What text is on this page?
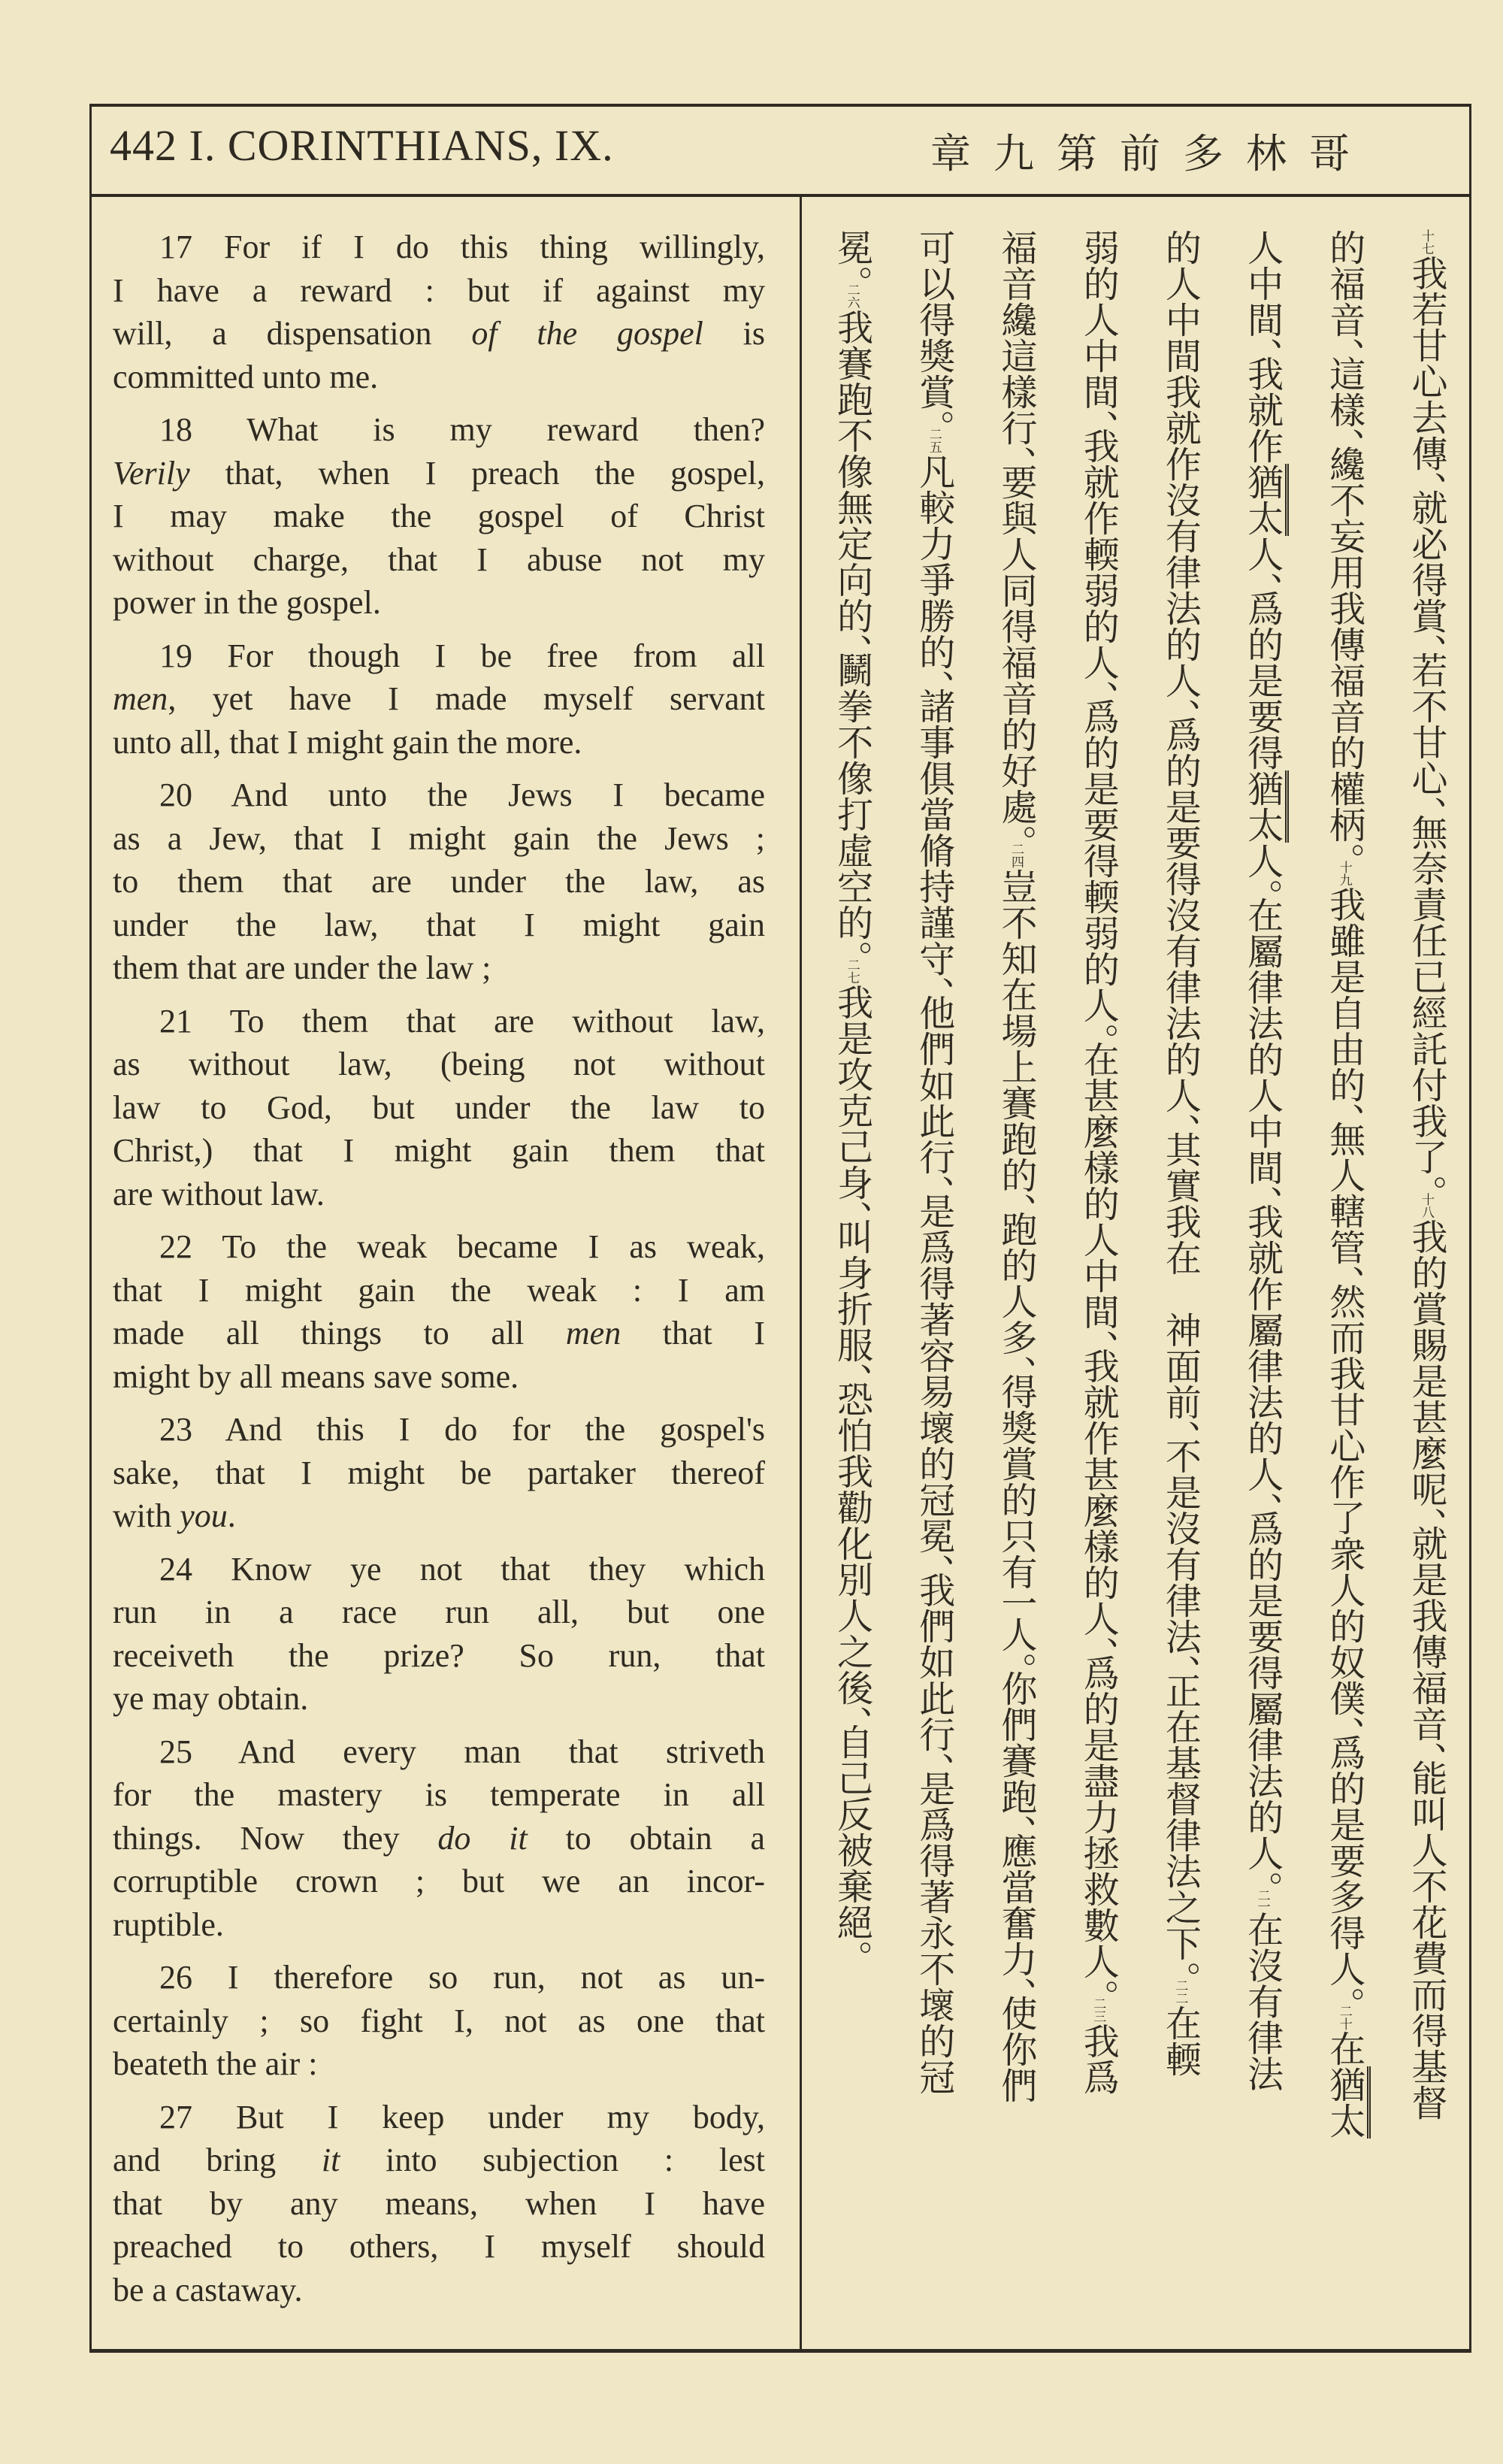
442 I. CORINTHIANS, IX.	哥林多前第九章
17 For if I do this thing willingly,
I have a reward : but if against my
will, a dispensation of the gospel is
committed unto me.
18 What is my reward then?
Verily that, when I preach the gospel,
I may make the gospel of Christ
without charge, that I abuse not my
power in the gospel.
19 For though I be free from all
men, yet have I made myself servant
unto all, that I might gain the more.
20 And unto the Jews I became
as a Jew, that I might gain the Jews ;
to them that are under the law, as
under the law, that I might gain
them that are under the law ;
21 To them that are without law,
as without law, (being not without
law to God, but under the law to
Christ,) that I might gain them that
are without law.
22 To the weak became I as weak,
that I might gain the weak : I am
made all things to all men that I
might by all means save some.
23 And this I do for the gospel's
sake, that I might be partaker thereof
with you.
24 Know ye not that they which
run in a race run all, but one
receiveth the prize? So run, that
ye may obtain.
25 And every man that striveth
for the mastery is temperate in all
things. Now they do it to obtain a
corruptible crown ; but we an incor-
ruptible.
26 I therefore so run, not as un-
certainly ; so fight I, not as one that
beateth the air :
27 But I keep under my body,
and bring it into subjection : lest
that by any means, when I have
preached to others, I myself should
be a castaway.
十七我若甘心去傳、就必得賞、若不甘心、無奈責任已經託付我了。十八我的賞賜是甚麼呢、就是我傳福音、能叫人不花費而得基督
的福音、這樣、纔不妄用我傳福音的權柄。十九我雖是自由的、無人轄管、然而我甘心作了衆人的奴僕、爲的是要多得人。二十在猶太
人中間、我就作猶太人、爲的是要得猶太人。在屬律法的人中間、我就作屬律法的人、爲的是要得屬律法的人。二一在沒有律法
的人中間我就作沒有律法的人、爲的是要得沒有律法的人、其實我在　神面前、不是沒有律法、正在基督律法之下。二二在輭
弱的人中間、我就作輭弱的人、爲的是要得輭弱的人。在甚麼樣的人中間、我就作甚麼樣的人、爲的是盡力拯救數人。二三我爲
福音纔這樣行、要與人同得福音的好處。二四豈不知在場上賽跑的、跑的人多、得獎賞的只有一人。你們賽跑、應當奮力、使你們
可以得獎賞。二五凡較力爭勝的、諸事俱當脩持謹守、他們如此行、是爲得著容易壞的冠冕、我們如此行、是爲得著永不壞的冠
冕。二六我賽跑不像無定向的、鬭拳不像打虛空的。二七我是攻克己身、叫身折服、恐怕我勸化別人之後、自己反被棄絕。
